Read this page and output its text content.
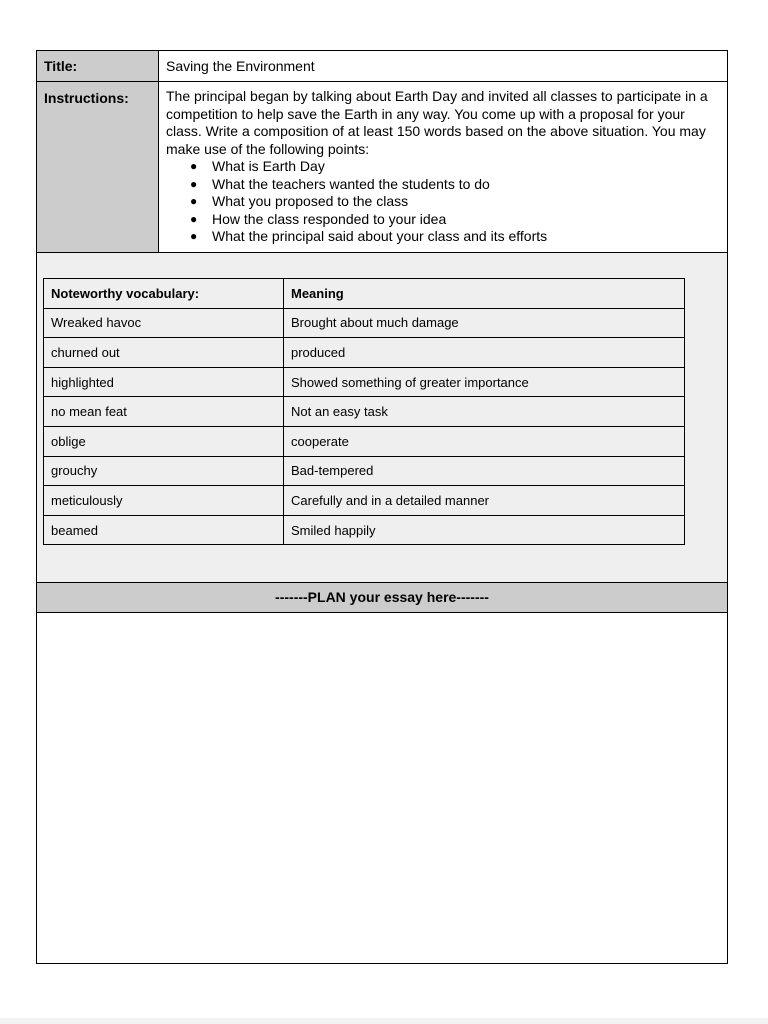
Title:	Saving the Environment
Instructions:	The principal began by talking about Earth Day and invited all classes to participate in a competition to help save the Earth in any way. You come up with a proposal for your class. Write a composition of at least 150 words based on the above situation. You may make use of the following points:
● What is Earth Day
● What the teachers wanted the students to do
● What you proposed to the class
● How the class responded to your idea
● What the principal said about your class and its efforts
Noteworthy vocabulary:	Meaning
Wreaked havoc	Brought about much damage
churned out	produced
highlighted	Showed something of greater importance
no mean feat	Not an easy task
oblige	cooperate
grouchy	Bad-tempered
meticulously	Carefully and in a detailed manner
beamed	Smiled happily
-------PLAN your essay here-------
